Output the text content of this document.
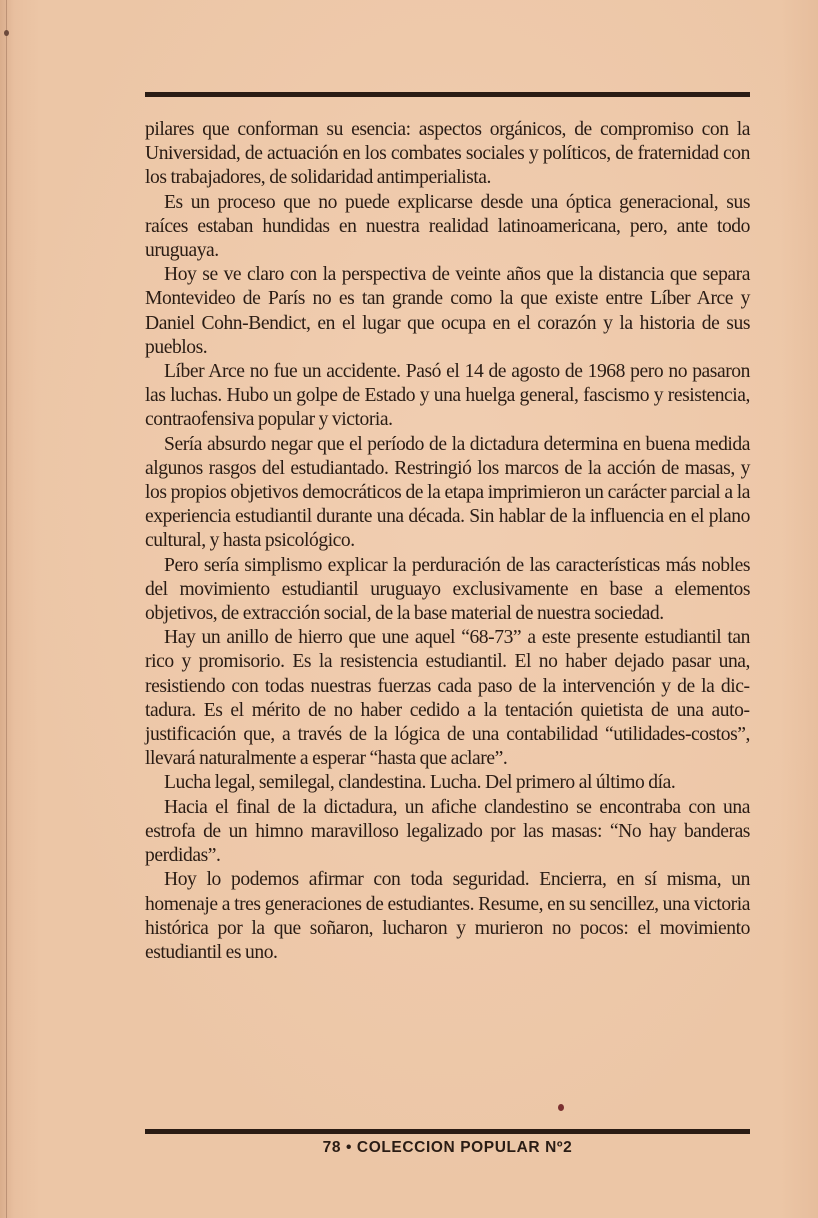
pilares que conforman su esencia: aspectos orgánicos, de compromiso con la Universidad, de actuación en los combates sociales y políticos, de fraternidad con los trabajadores, de solidaridad antimperialista.

Es un proceso que no puede explicarse desde una óptica generacional, sus raíces estaban hundidas en nuestra realidad latinoamericana, pero, ante todo uruguaya.

Hoy se ve claro con la perspectiva de veinte años que la distancia que separa Montevideo de París no es tan grande como la que existe entre Líber Arce y Daniel Cohn-Bendict, en el lugar que ocupa en el corazón y la historia de sus pueblos.

Líber Arce no fue un accidente. Pasó el 14 de agosto de 1968 pero no pasaron las luchas. Hubo un golpe de Estado y una huelga general, fascismo y resistencia, contraofensiva popular y victoria.

Sería absurdo negar que el período de la dictadura determina en buena medida algunos rasgos del estudiantado. Restringió los marcos de la acción de masas, y los propios objetivos democráticos de la etapa imprimieron un carácter parcial a la experiencia estudiantil durante una década. Sin hablar de la influencia en el plano cultural, y hasta psicológico.

Pero sería simplismo explicar la perduración de las características más nobles del movimiento estudiantil uruguayo exclusivamente en base a elementos objetivos, de extracción social, de la base material de nuestra sociedad.

Hay un anillo de hierro que une aquel “68-73” a este presente estudiantil tan rico y promisorio. Es la resistencia estudiantil. El no haber dejado pasar una, resistiendo con todas nuestras fuerzas cada paso de la intervención y de la dictadura. Es el mérito de no haber cedido a la tentación quietista de una autojustificación que, a través de la lógica de una contabilidad “utilidades-costos”, llevará naturalmente a esperar “hasta que aclare”.

Lucha legal, semilegal, clandestina. Lucha. Del primero al último día.

Hacia el final de la dictadura, un afiche clandestino se encontraba con una estrofa de un himno maravilloso legalizado por las masas: “No hay banderas perdidas”.

Hoy lo podemos afirmar con toda seguridad. Encierra, en sí misma, un homenaje a tres generaciones de estudiantes. Resume, en su sencillez, una victoria histórica por la que soñaron, lucharon y murieron no pocos: el movimiento estudiantil es uno.

78 • COLECCION POPULAR Nº2
